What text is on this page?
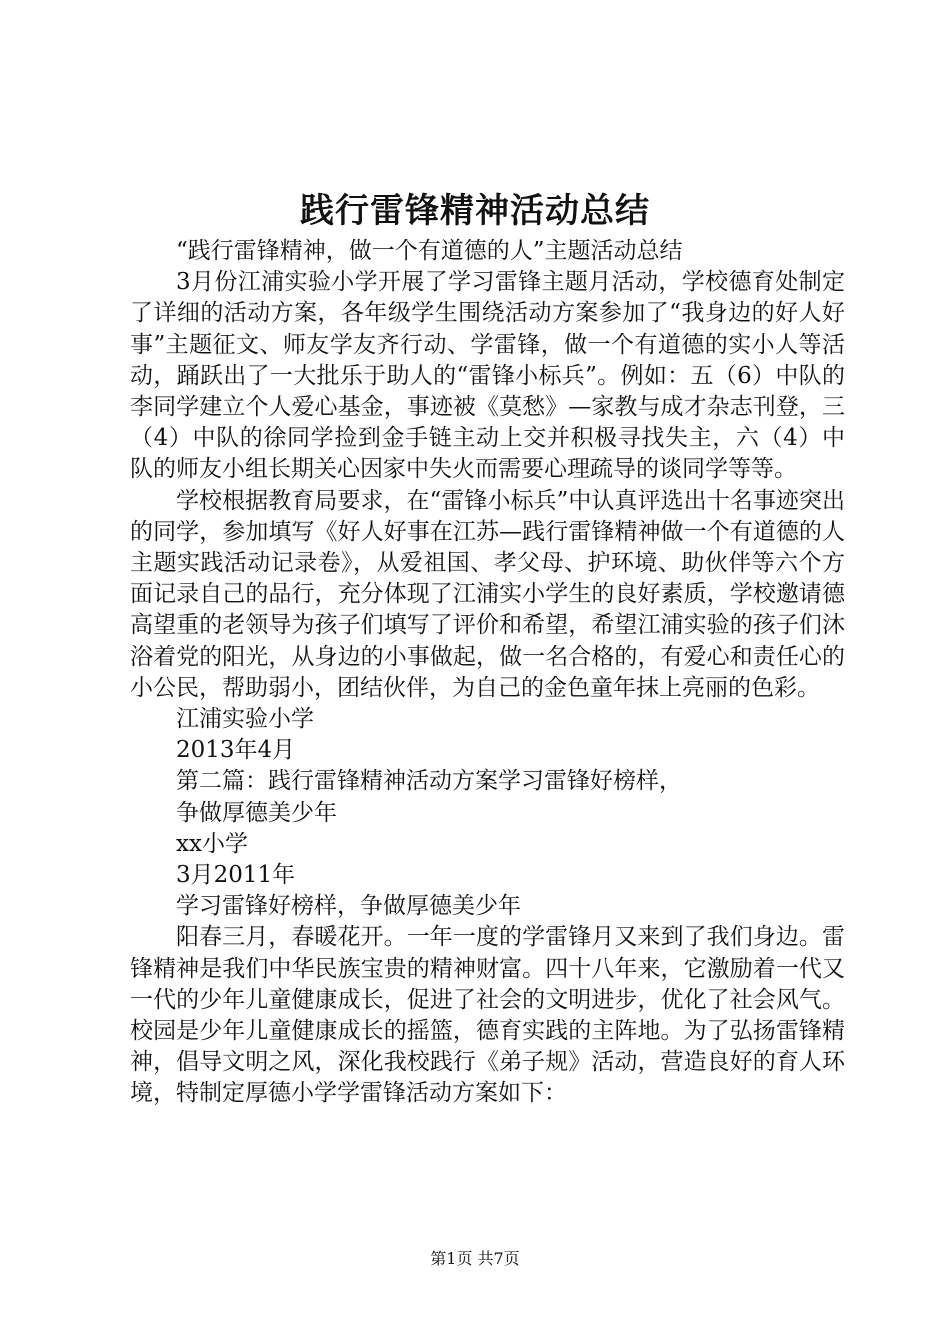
践行雷锋精神活动总结

“践行雷锋精神，做一个有道德的人”主题活动总结

3月份江浦实验小学开展了学习雷锋主题月活动，学校德育处制定了详细的活动方案，各年级学生围绕活动方案参加了“我身边的好人好事”主题征文、师友学友齐行动、学雷锋，做一个有道德的实小人等活动，踊跃出了一大批乐于助人的“雷锋小标兵”。例如：五（6）中队的李同学建立个人爱心基金，事迹被《莫愁》—家教与成才杂志刊登，三（4）中队的徐同学捡到金手链主动上交并积极寻找失主，六（4）中队的师友小组长期关心因家中失火而需要心理疏导的谈同学等等。

学校根据教育局要求，在“雷锋小标兵”中认真评选出十名事迹突出的同学，参加填写《好人好事在江苏—践行雷锋精神做一个有道德的人主题实践活动记录卷》，从爱祖国、孝父母、护环境、助伙伴等六个方面记录自己的品行，充分体现了江浦实小学生的良好素质，学校邀请德高望重的老领导为孩子们填写了评价和希望，希望江浦实验的孩子们沐浴着党的阳光，从身边的小事做起，做一名合格的，有爱心和责任心的小公民，帮助弱小，团结伙伴，为自己的金色童年抹上亮丽的色彩。

江浦实验小学

2013年4月

第二篇：践行雷锋精神活动方案学习雷锋好榜样，

争做厚德美少年

xx小学

3月2011年

学习雷锋好榜样，争做厚德美少年

阳春三月，春暖花开。一年一度的学雷锋月又来到了我们身边。雷锋精神是我们中华民族宝贵的精神财富。四十八年来，它激励着一代又一代的少年儿童健康成长，促进了社会的文明进步，优化了社会风气。校园是少年儿童健康成长的摇篮，德育实践的主阵地。为了弘扬雷锋精神，倡导文明之风，深化我校践行《弟子规》活动，营造良好的育人环境，特制定厚德小学学雷锋活动方案如下：

第1页 共7页
